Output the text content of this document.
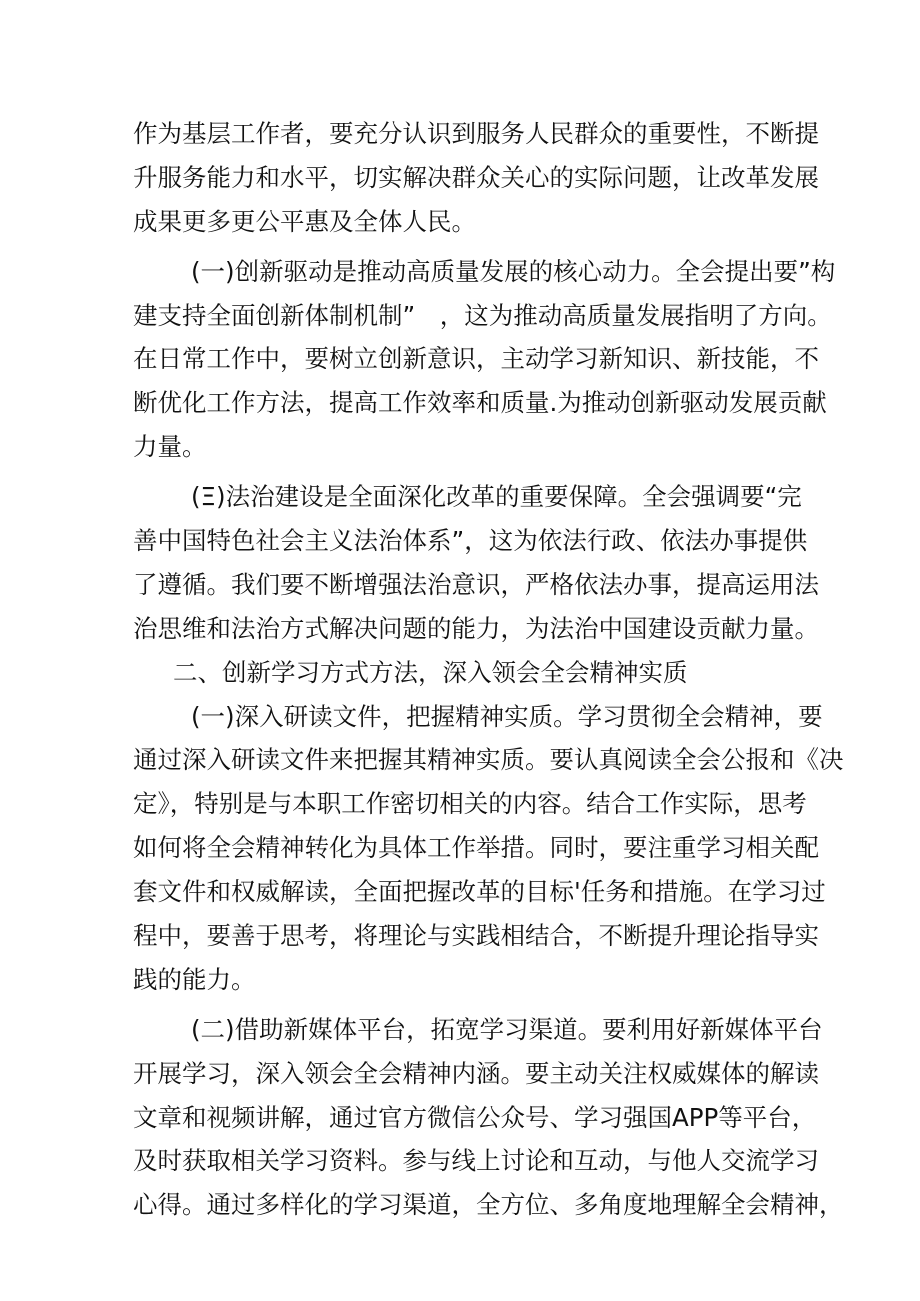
作为基层工作者，要充分认识到服务人民群众的重要性，不断提
升服务能力和水平，切实解决群众关心的实际问题，让改革发展
成果更多更公平惠及全体人民。
(一)创新驱动是推动高质量发展的核心动力。全会提出要”构
建支持全面创新体制机制”　，这为推动高质量发展指明了方向。
在日常工作中，要树立创新意识，主动学习新知识、新技能，不
断优化工作方法，提高工作效率和质量.为推动创新驱动发展贡献
力量。
(Ξ)法治建设是全面深化改革的重要保障。全会强调要“完
善中国特色社会主义法治体系”，这为依法行政、依法办事提供
了遵循。我们要不断增强法治意识，严格依法办事，提高运用法
治思维和法治方式解决问题的能力，为法治中国建设贡献力量。
二、创新学习方式方法，深入领会全会精神实质
(一)深入研读文件，把握精神实质。学习贯彻全会精神，要
通过深入研读文件来把握其精神实质。要认真阅读全会公报和《决
定》，特别是与本职工作密切相关的内容。结合工作实际，思考
如何将全会精神转化为具体工作举措。同时，要注重学习相关配
套文件和权威解读，全面把握改革的目标'任务和措施。在学习过
程中，要善于思考，将理论与实践相结合，不断提升理论指导实
践的能力。
(二)借助新媒体平台，拓宽学习渠道。要利用好新媒体平台
开展学习，深入领会全会精神内涵。要主动关注权威媒体的解读
文章和视频讲解，通过官方微信公众号、学习强国APP等平台，
及时获取相关学习资料。参与线上讨论和互动，与他人交流学习
心得。通过多样化的学习渠道，全方位、多角度地理解全会精神，
